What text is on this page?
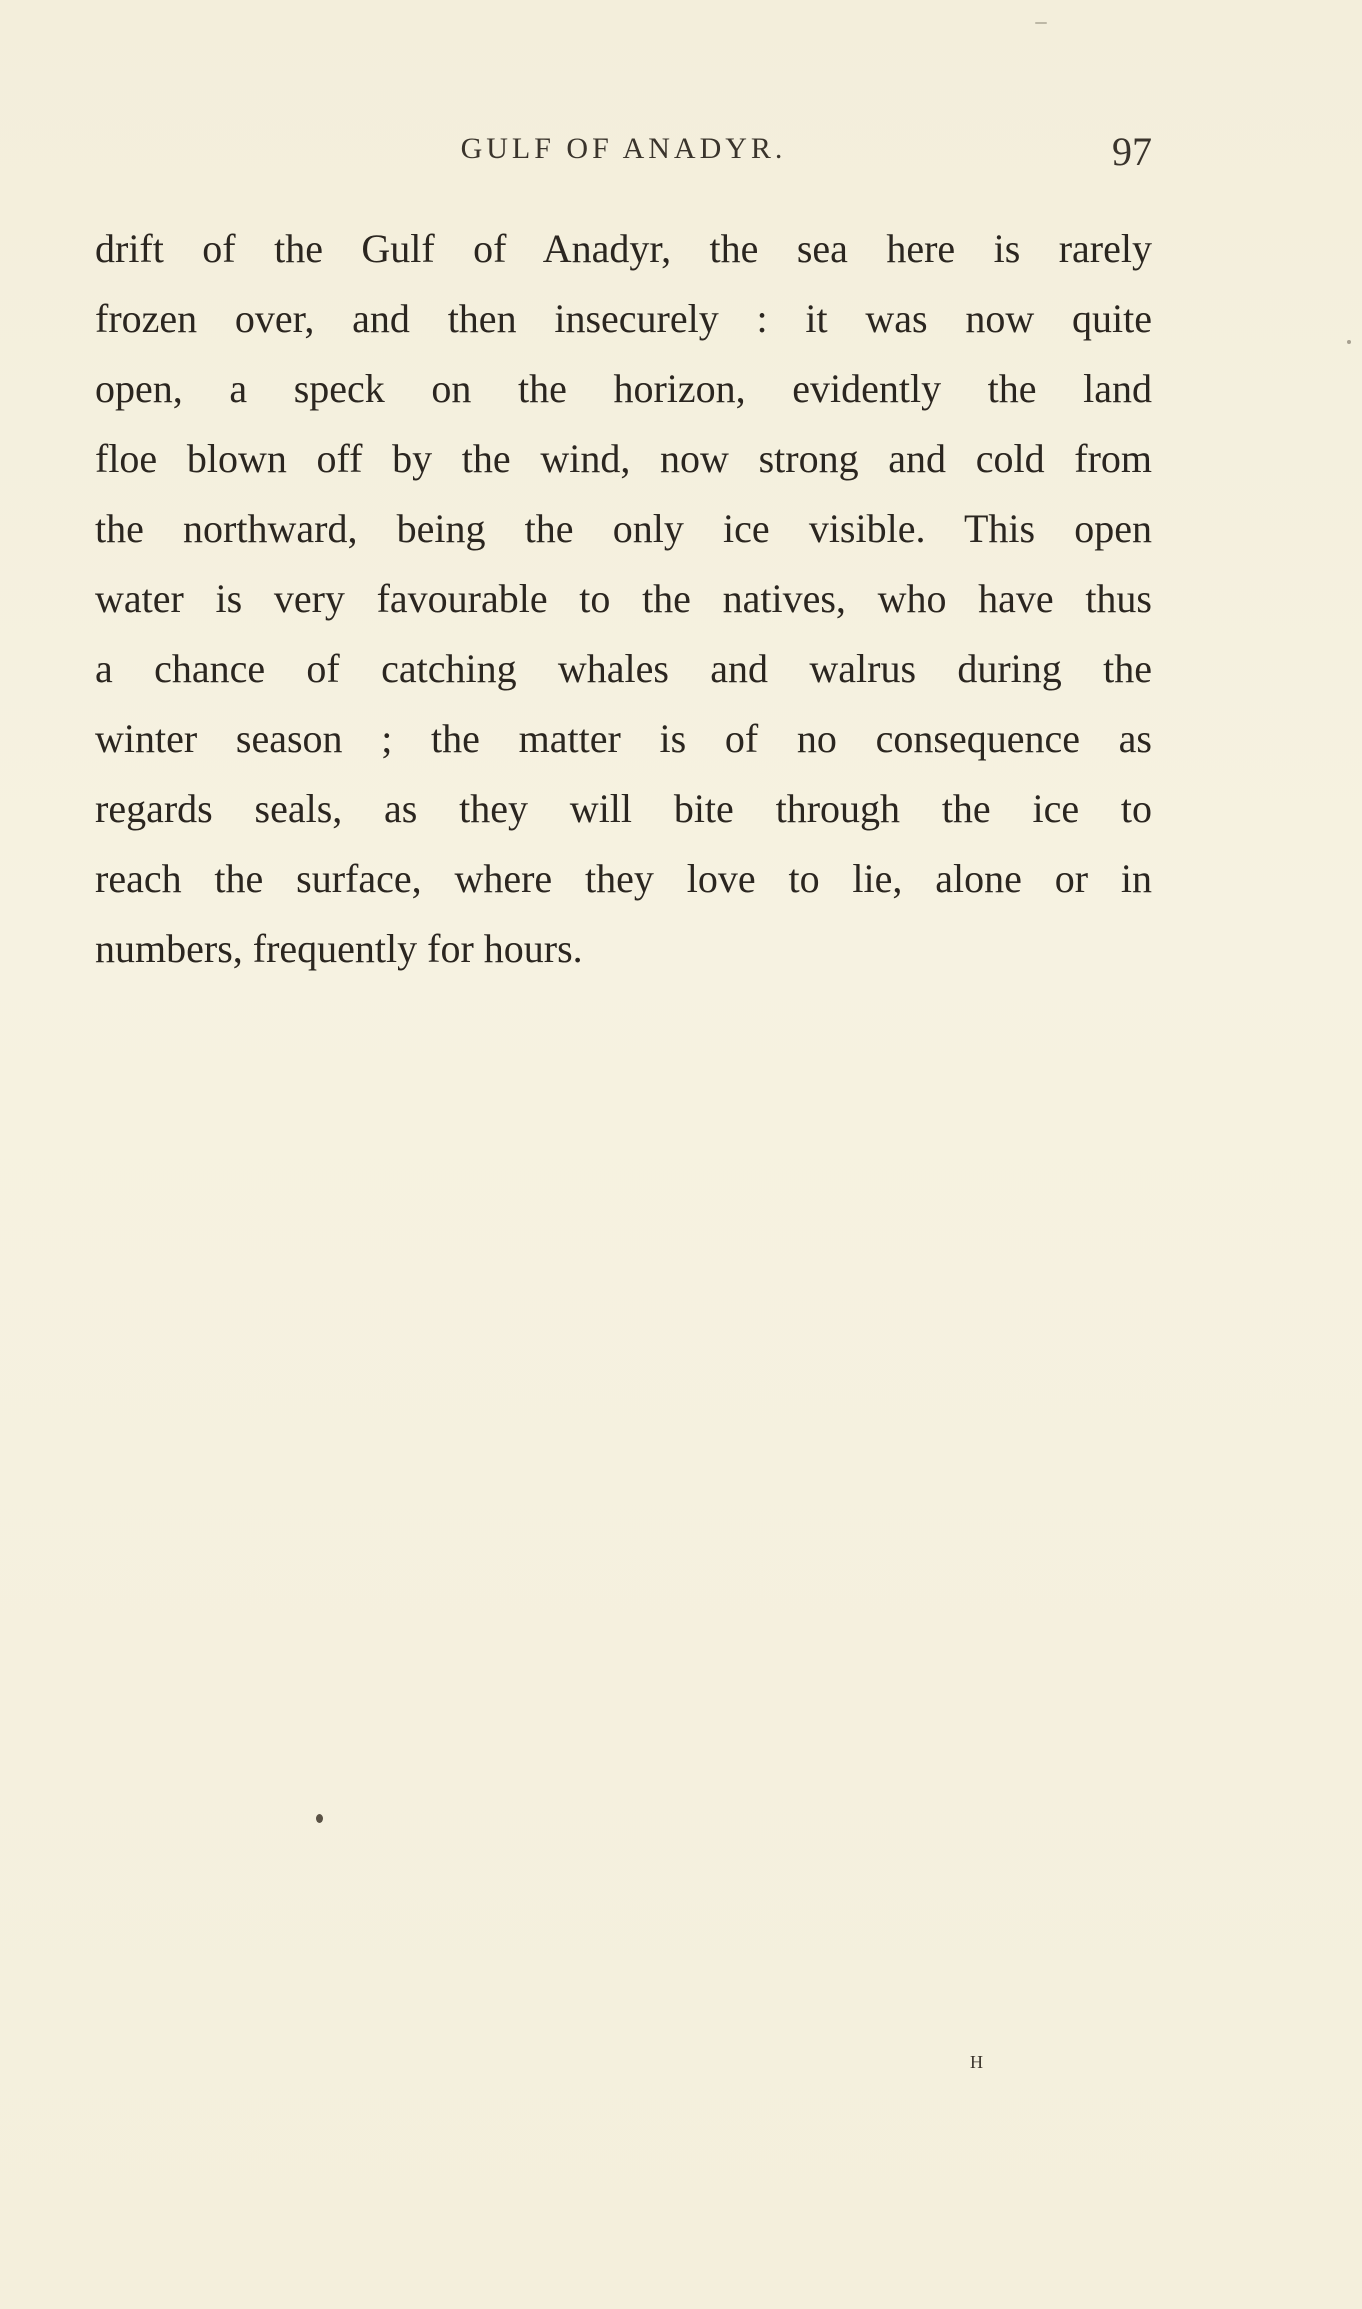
GULF OF ANADYR.	97
drift of the Gulf of Anadyr, the sea here is rarely
frozen over, and then insecurely : it was now quite
open, a speck on the horizon, evidently the land
floe blown off by the wind, now strong and cold from
the northward, being the only ice visible. This open
water is very favourable to the natives, who have thus
a chance of catching whales and walrus during the
winter season ; the matter is of no consequence as
regards seals, as they will bite through the ice to
reach the surface, where they love to lie, alone or in
numbers, frequently for hours.
H
